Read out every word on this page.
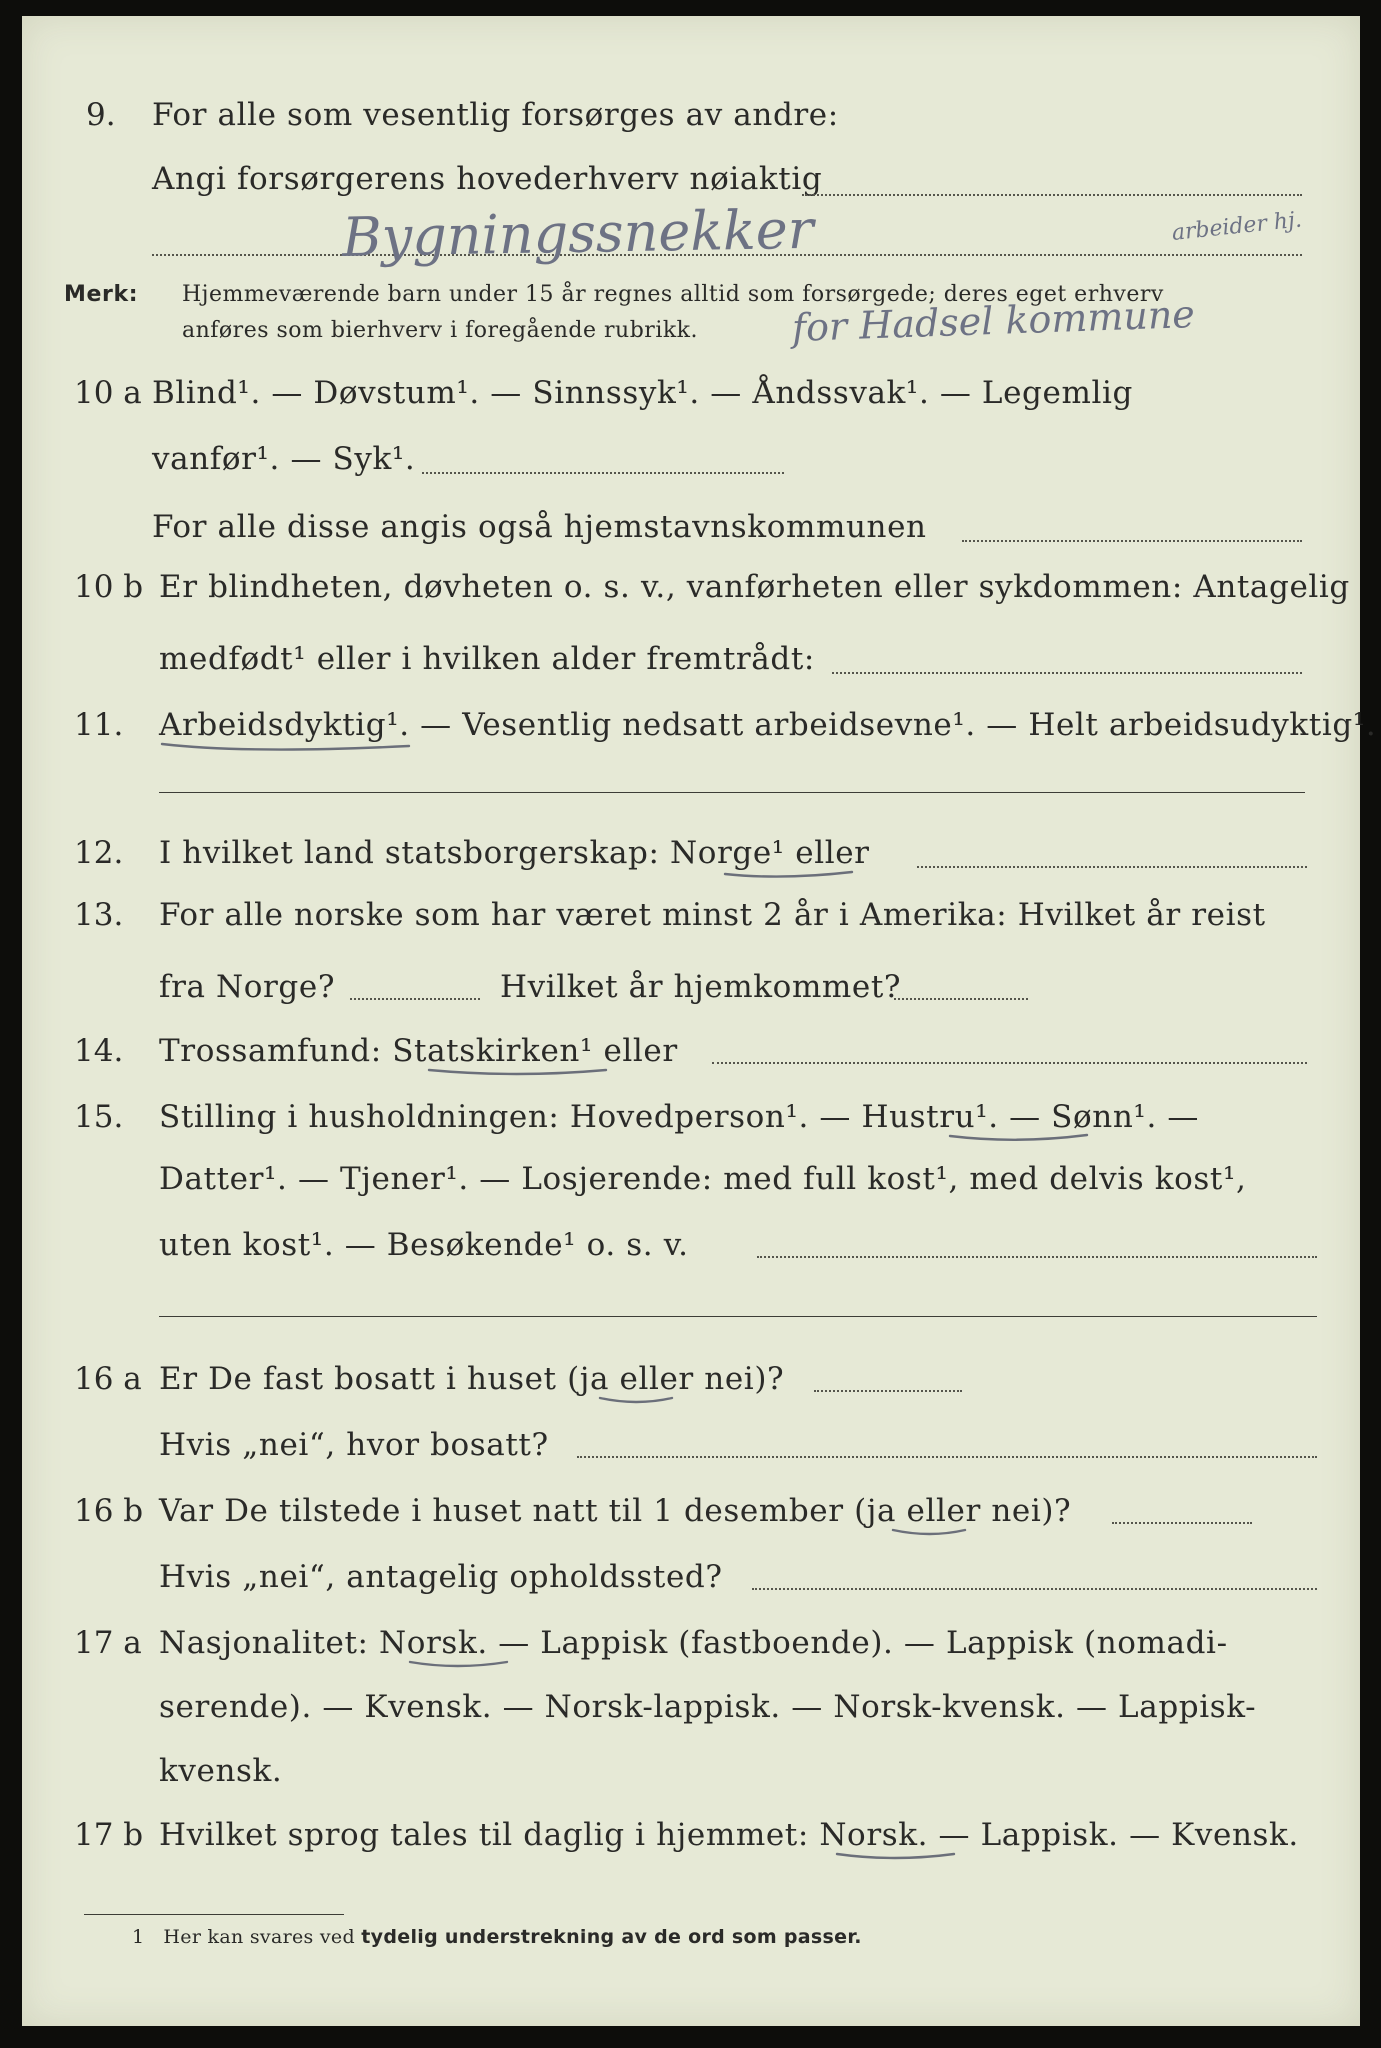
9. For alle som vesentlig forsørges av andre:
Angi forsørgerens hovederhverv nøiaktig
Bygningssnekker	arbeider hj.
Merk: Hjemmeværende barn under 15 år regnes alltid som forsørgede; deres eget erhverv
anføres som bierhverv i foregående rubrikk. for Hadsel kommune
10 a Blind¹. — Døvstum¹. — Sinnssyk¹. — Åndssvak¹. — Legemlig
vanfør¹. — Syk¹.
For alle disse angis også hjemstavnskommunen
10 b Er blindheten, døvheten o. s. v., vanførheten eller sykdommen: Antagelig
medfødt¹ eller i hvilken alder fremtrådt:
11. Arbeidsdyktig¹. — Vesentlig nedsatt arbeidsevne¹. — Helt arbeidsudyktig¹.
12. I hvilket land statsborgerskap: Norge¹ eller
13. For alle norske som har været minst 2 år i Amerika: Hvilket år reist
fra Norge?	Hvilket år hjemkommet?
14. Trossamfund: Statskirken¹ eller
15. Stilling i husholdningen: Hovedperson¹. — Hustru¹. — Sønn¹. —
Datter¹. — Tjener¹. — Losjerende: med full kost¹, med delvis kost¹,
uten kost¹. — Besøkende¹ o. s. v.
16 a Er De fast bosatt i huset (ja eller nei)?
Hvis „nei“, hvor bosatt?
16 b Var De tilstede i huset natt til 1 desember (ja eller nei)?
Hvis „nei“, antagelig opholdssted?
17 a Nasjonalitet: Norsk. — Lappisk (fastboende). — Lappisk (nomadi-
serende). — Kvensk. — Norsk-lappisk. — Norsk-kvensk. — Lappisk-
kvensk.
17 b Hvilket sprog tales til daglig i hjemmet: Norsk. — Lappisk. — Kvensk.
1 Her kan svares ved tydelig understrekning av de ord som passer.
